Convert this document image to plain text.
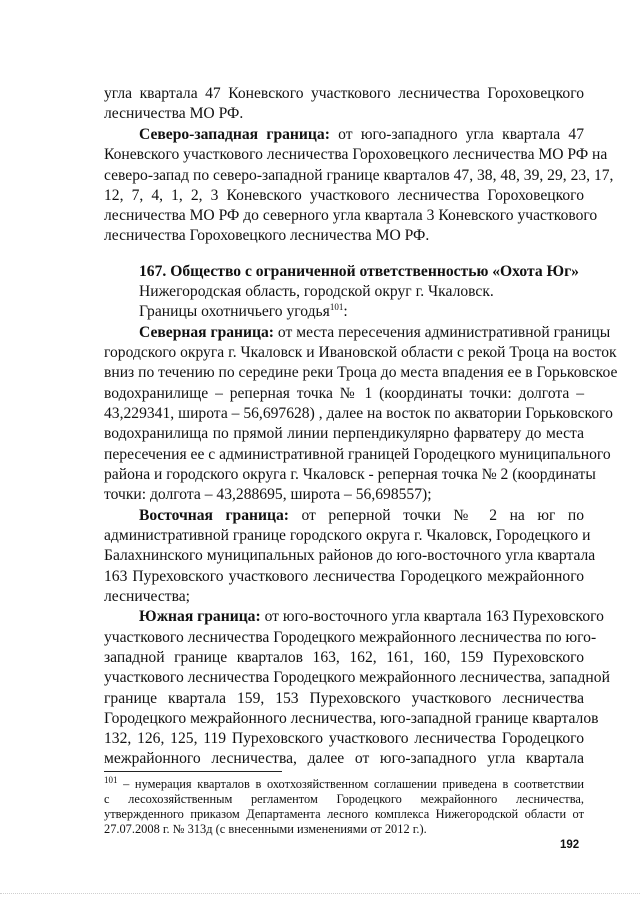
угла квартала 47 Коневского участкового лесничества Гороховецкого
лесничества МО РФ.
Северо-западная граница: от юго-западного угла квартала 47
Коневского участкового лесничества Гороховецкого лесничества МО РФ на
северо-запад по северо-западной границе кварталов 47, 38, 48, 39, 29, 23, 17,
12, 7, 4, 1, 2, 3 Коневского участкового лесничества Гороховецкого
лесничества МО РФ до северного угла квартала 3 Коневского участкового
лесничества Гороховецкого лесничества МО РФ.
167. Общество с ограниченной ответственностью «Охота Юг»
Нижегородская область, городской округ г. Чкаловск.
Границы охотничьего угодья$^{101}$:
Северная граница: от места пересечения административной границы
городского округа г. Чкаловск и Ивановской области с рекой Троца на восток
вниз по течению по середине реки Троца до места впадения ее в Горьковское
водохранилище – реперная точка № 1 (координаты точки: долгота –
43,229341, широта – 56,697628) , далее на восток по акватории Горьковского
водохранилища по прямой линии перпендикулярно фарватеру до места
пересечения ее с административной границей Городецкого муниципального
района и городского округа г. Чкаловск - реперная точка № 2 (координаты
точки: долгота – 43,288695, широта – 56,698557);
Восточная граница: от реперной точки № 2 на юг по
административной границе городского округа г. Чкаловск, Городецкого и
Балахнинского муниципальных районов до юго-восточного угла квартала
163 Пуреховского участкового лесничества Городецкого межрайонного
лесничества;
Южная граница: от юго-восточного угла квартала 163 Пуреховского
участкового лесничества Городецкого межрайонного лесничества по юго-
западной границе кварталов 163, 162, 161, 160, 159 Пуреховского
участкового лесничества Городецкого межрайонного лесничества, западной
границе квартала 159, 153 Пуреховского участкового лесничества
Городецкого межрайонного лесничества, юго-западной границе кварталов
132, 126, 125, 119 Пуреховского участкового лесничества Городецкого
межрайонного лесничества, далее от юго-западного угла квартала
$^{101}$ – нумерация кварталов в охотхозяйственном соглашении приведена в соответствии
с лесохозяйственным регламентом Городецкого межрайонного лесничества,
утвержденного приказом Департамента лесного комплекса Нижегородской области от
27.07.2008 г. № 313д (с внесенными изменениями от 2012 г.).
192
